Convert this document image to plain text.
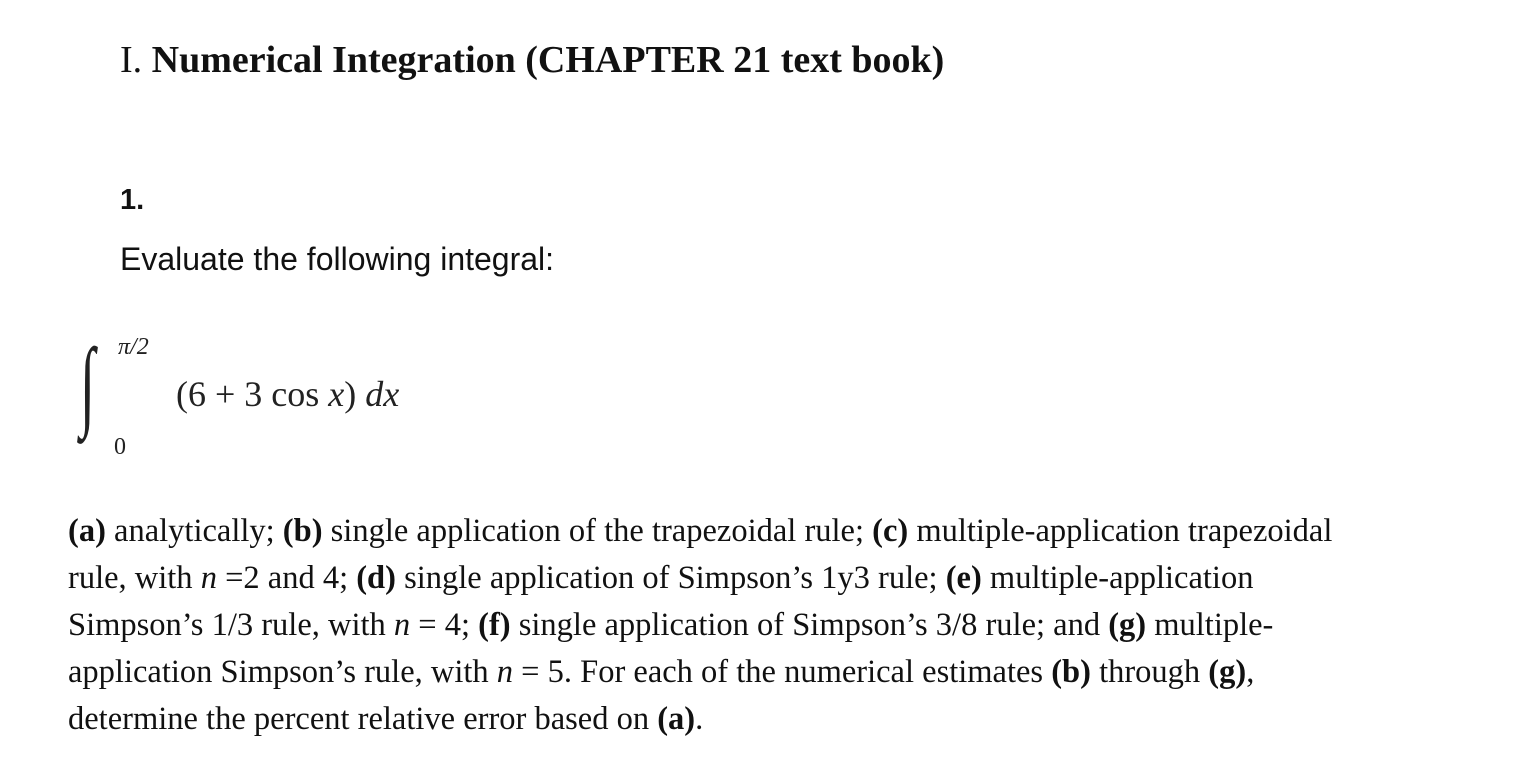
I. Numerical Integration (CHAPTER 21 text book)
1.
Evaluate the following integral:
∫ π/2
0
(6 + 3 cos x) dx
(a) analytically; (b) single application of the trapezoidal rule; (c) multiple-application trapezoidal
rule, with n =2 and 4; (d) single application of Simpson’s 1y3 rule; (e) multiple-application
Simpson’s 1/3 rule, with n = 4; (f) single application of Simpson’s 3/8 rule; and (g) multiple-
application Simpson’s rule, with n = 5. For each of the numerical estimates (b) through (g),
determine the percent relative error based on (a).
